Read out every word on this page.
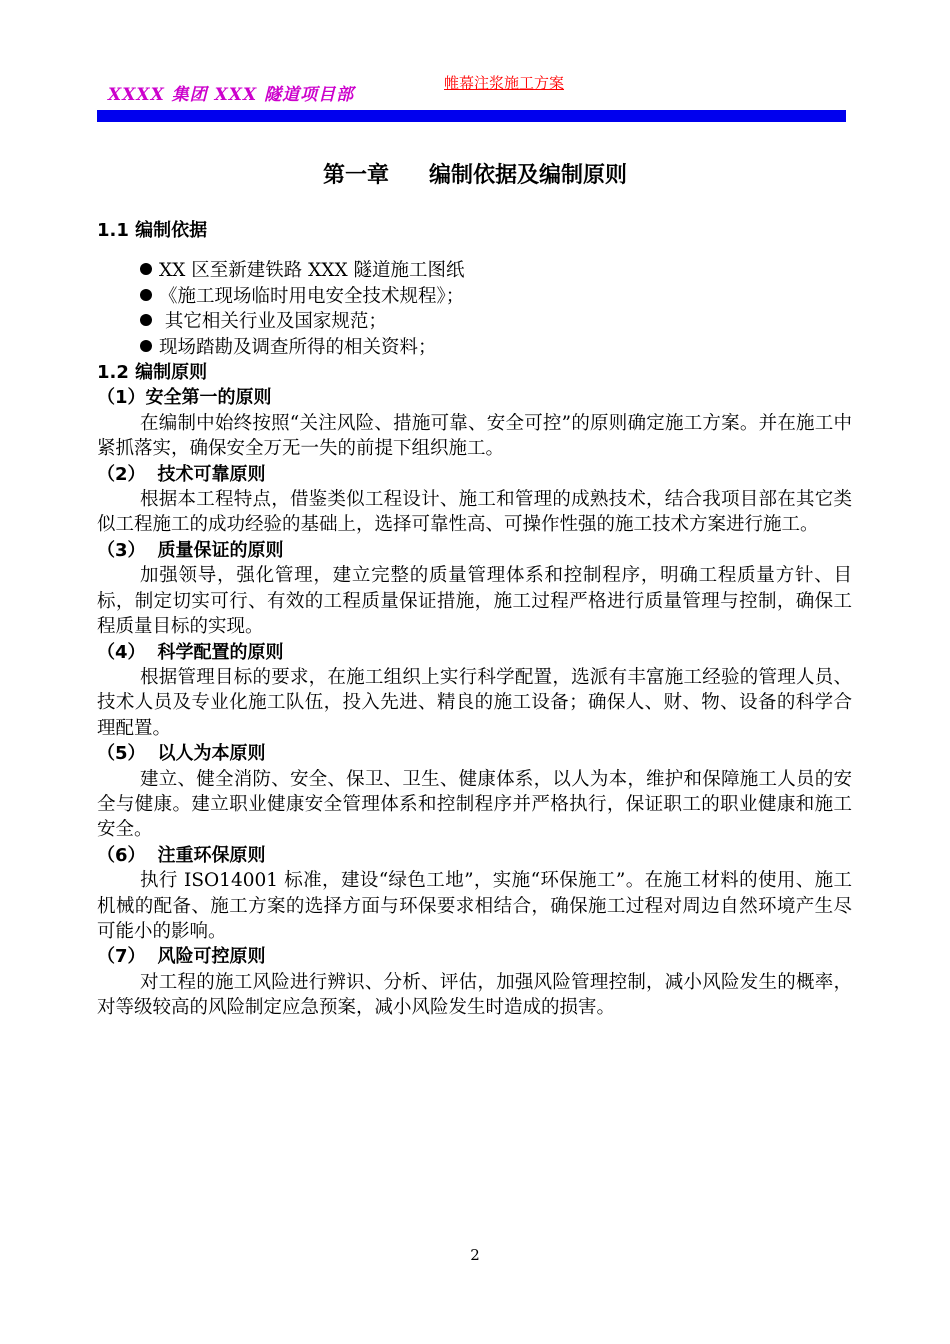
XXXX 集团 XXX 隧道项目部
帷幕注浆施工方案
第一章 编制依据及编制原则

1.1 编制依据

XX 区至新建铁路 XXX 隧道施工图纸
《施工现场临时用电安全技术规程》；
其它相关行业及国家规范；
现场踏勘及调查所得的相关资料；

1.2 编制原则

（1）安全第一的原则

在编制中始终按照“关注风险、措施可靠、安全可控”的原则确定施工方案。并在施工中紧抓落实，确保安全万无一失的前提下组织施工。

（2） 技术可靠原则

根据本工程特点，借鉴类似工程设计、施工和管理的成熟技术，结合我项目部在其它类似工程施工的成功经验的基础上，选择可靠性高、可操作性强的施工技术方案进行施工。

（3） 质量保证的原则

加强领导，强化管理，建立完整的质量管理体系和控制程序，明确工程质量方针、目标，制定切实可行、有效的工程质量保证措施，施工过程严格进行质量管理与控制，确保工程质量目标的实现。

（4） 科学配置的原则

根据管理目标的要求，在施工组织上实行科学配置，选派有丰富施工经验的管理人员、技术人员及专业化施工队伍，投入先进、精良的施工设备；确保人、财、物、设备的科学合理配置。

（5） 以人为本原则

建立、健全消防、安全、保卫、卫生、健康体系，以人为本，维护和保障施工人员的安全与健康。建立职业健康安全管理体系和控制程序并严格执行，保证职工的职业健康和施工安全。

（6） 注重环保原则

执行 ISO14001 标准，建设“绿色工地”，实施“环保施工”。在施工材料的使用、施工机械的配备、施工方案的选择方面与环保要求相结合，确保施工过程对周边自然环境产生尽可能小的影响。

（7） 风险可控原则

对工程的施工风险进行辨识、分析、评估，加强风险管理控制，减小风险发生的概率，对等级较高的风险制定应急预案，减小风险发生时造成的损害。

2
